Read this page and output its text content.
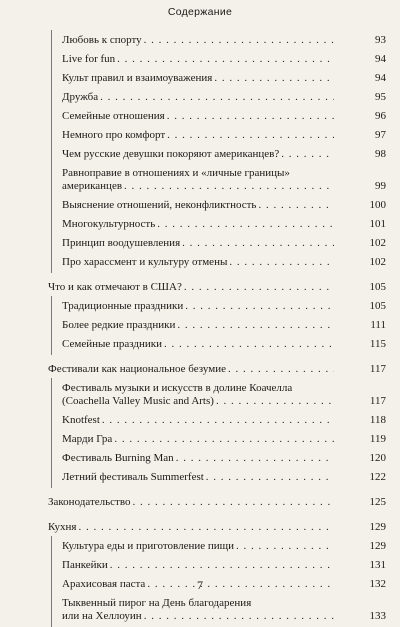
Содержание
Любовь к спорту . . .	93
Live for fun . . .	94
Культ правил и взаимоуважения . . .	94
Дружба . . .	95
Семейные отношения . . .	96
Немного про комфорт . . .	97
Чем русские девушки покоряют американцев? . . .	98
Равноправие в отношениях и «личные границы»
американцев . . .	99
Выяснение отношений, неконфликтность . . .	100
Многокультурность . . .	101
Принцип воодушевления . . .	102
Про харассмент и культуру отмены . . .	102
Что и как отмечают в США? . . .	105
Традиционные праздники . . .	105
Более редкие праздники . . .	111
Семейные праздники . . .	115
Фестивали как национальное безумие . . .	117
Фестиваль музыки и искусств в долине Коачелла
(Coachella Valley Music and Arts) . . .	117
Knotfest . . .	118
Марди Гра . . .	119
Фестиваль Burning Man . . .	120
Летний фестиваль Summerfest . . .	122
Законодательство . . .	125
Кухня . . .	129
Культура еды и приготовление пищи . . .	129
Панкейки . . .	131
Арахисовая паста . . .	132
Тыквенный пирог на День благодарения
или на Хеллоуин . . .	133
7
